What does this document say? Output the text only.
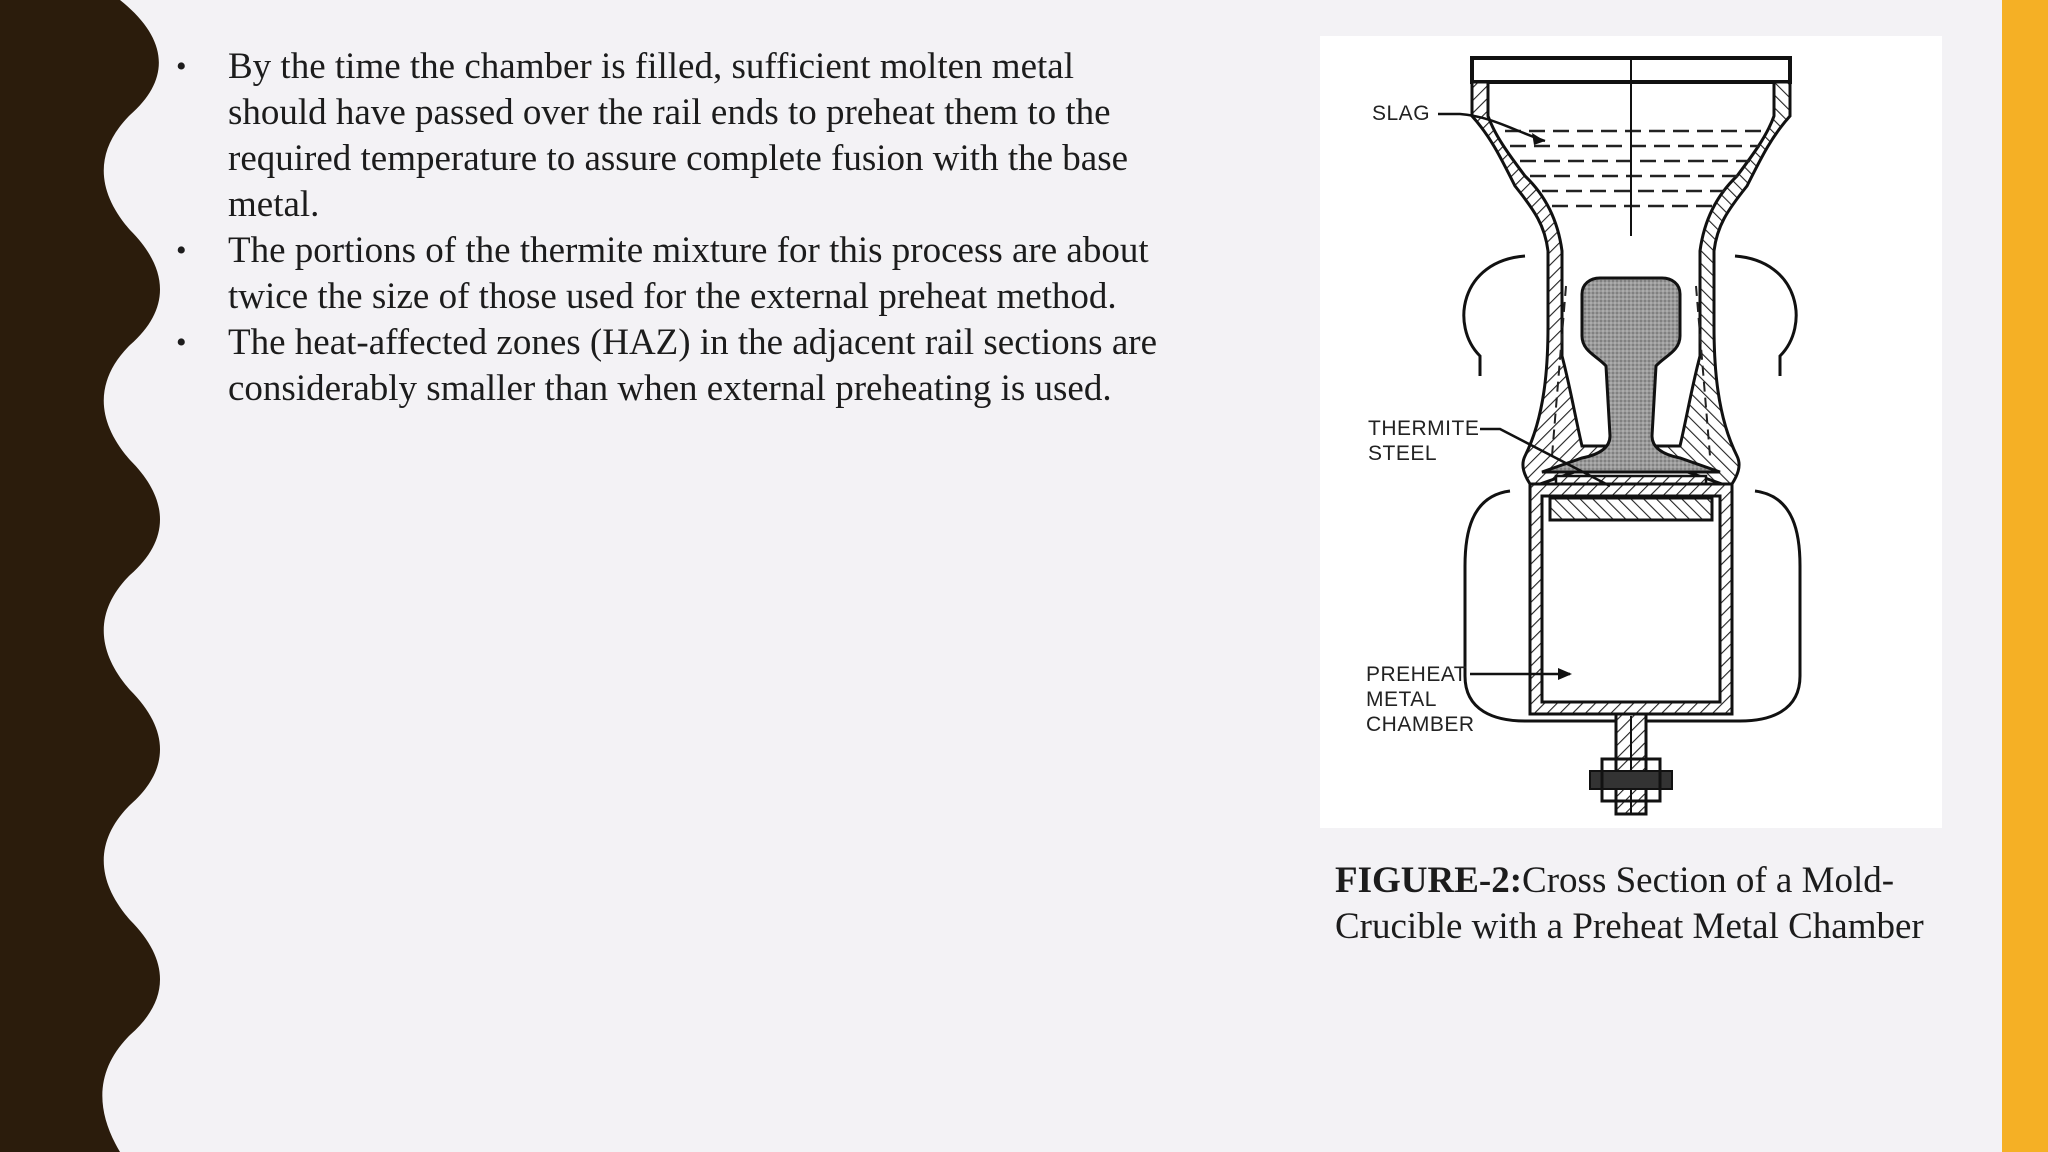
•	By the time the chamber is filled, sufficient molten metal should have passed over the rail ends to preheat them to the required temperature to assure complete fusion with the base metal.
•	The portions of the thermite mixture for this process are about twice the size of those used for the external preheat method.
•	The heat-affected zones (HAZ) in the adjacent rail sections are considerably smaller than when external preheating is used.
SLAG
THERMITE
STEEL
PREHEAT
METAL
CHAMBER
FIGURE-2:Cross Section of a Mold-Crucible with a Preheat Metal Chamber
